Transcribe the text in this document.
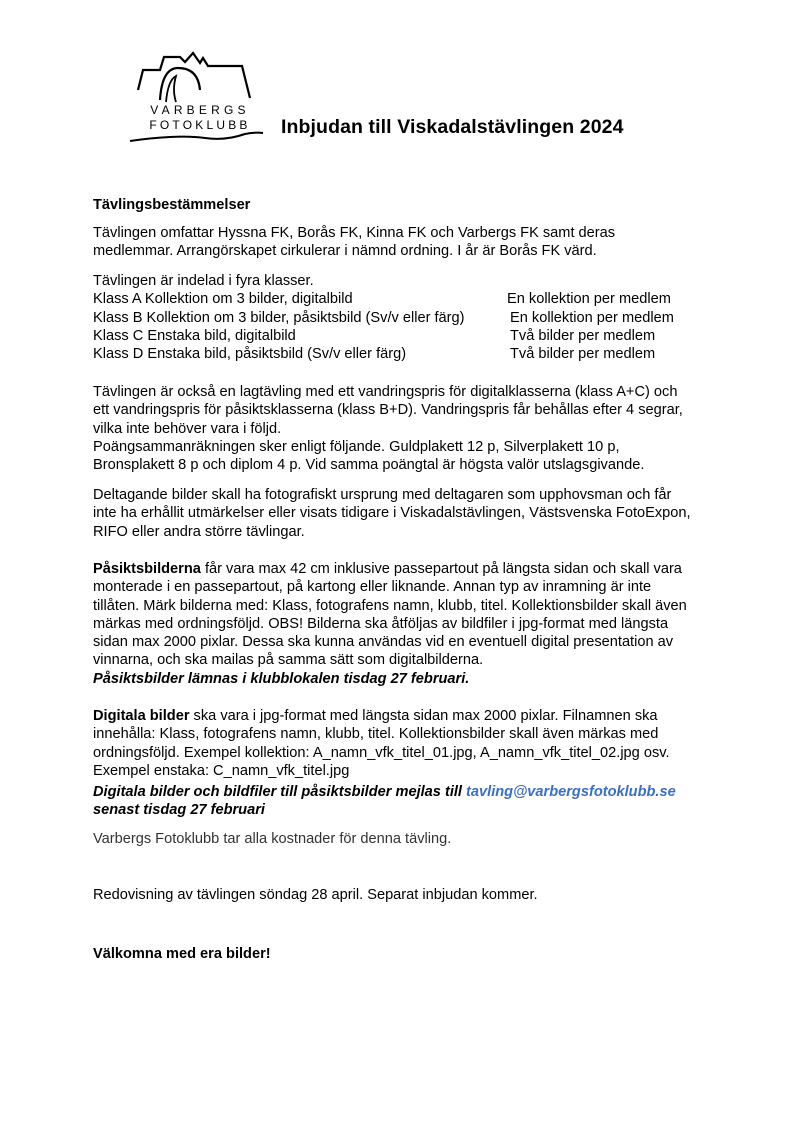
VARBERGS
FOTOKLUBB Inbjudan till Viskadalstävlingen 2024
Tävlingsbestämmelser
Tävlingen omfattar Hyssna FK, Borås FK, Kinna FK och Varbergs FK samt deras
medlemmar. Arrangörskapet cirkulerar i nämnd ordning. I år är Borås FK värd.
Tävlingen är indelad i fyra klasser.
Klass A Kollektion om 3 bilder, digitalbild	En kollektion per medlem
Klass B Kollektion om 3 bilder, påsiktsbild (Sv/v eller färg)	En kollektion per medlem
Klass C Enstaka bild, digitalbild	Två bilder per medlem
Klass D Enstaka bild, påsiktsbild (Sv/v eller färg)	Två bilder per medlem
Tävlingen är också en lagtävling med ett vandringspris för digitalklasserna (klass A+C) och
ett vandringspris för påsiktsklasserna (klass B+D). Vandringspris får behållas efter 4 segrar,
vilka inte behöver vara i följd.
Poängsammanräkningen sker enligt följande. Guldplakett 12 p, Silverplakett 10 p,
Bronsplakett 8 p och diplom 4 p. Vid samma poängtal är högsta valör utslagsgivande.
Deltagande bilder skall ha fotografiskt ursprung med deltagaren som upphovsman och får
inte ha erhållit utmärkelser eller visats tidigare i Viskadalstävlingen, Västsvenska FotoExpon,
RIFO eller andra större tävlingar.
Påsiktsbilderna får vara max 42 cm inklusive passepartout på längsta sidan och skall vara
monterade i en passepartout, på kartong eller liknande. Annan typ av inramning är inte
tillåten. Märk bilderna med: Klass, fotografens namn, klubb, titel. Kollektionsbilder skall även
märkas med ordningsföljd. OBS! Bilderna ska åtföljas av bildfiler i jpg-format med längsta
sidan max 2000 pixlar. Dessa ska kunna användas vid en eventuell digital presentation av
vinnarna, och ska mailas på samma sätt som digitalbilderna.
Påsiktsbilder lämnas i klubblokalen tisdag 27 februari.
Digitala bilder ska vara i jpg-format med längsta sidan max 2000 pixlar. Filnamnen ska
innehålla: Klass, fotografens namn, klubb, titel. Kollektionsbilder skall även märkas med
ordningsföljd. Exempel kollektion: A_namn_vfk_titel_01.jpg, A_namn_vfk_titel_02.jpg osv.
Exempel enstaka: C_namn_vfk_titel.jpg
Digitala bilder och bildfiler till påsiktsbilder mejlas till tavling@varbergsfotoklubb.se
senast tisdag 27 februari
Varbergs Fotoklubb tar alla kostnader för denna tävling.
Redovisning av tävlingen söndag 28 april. Separat inbjudan kommer.
Välkomna med era bilder!
